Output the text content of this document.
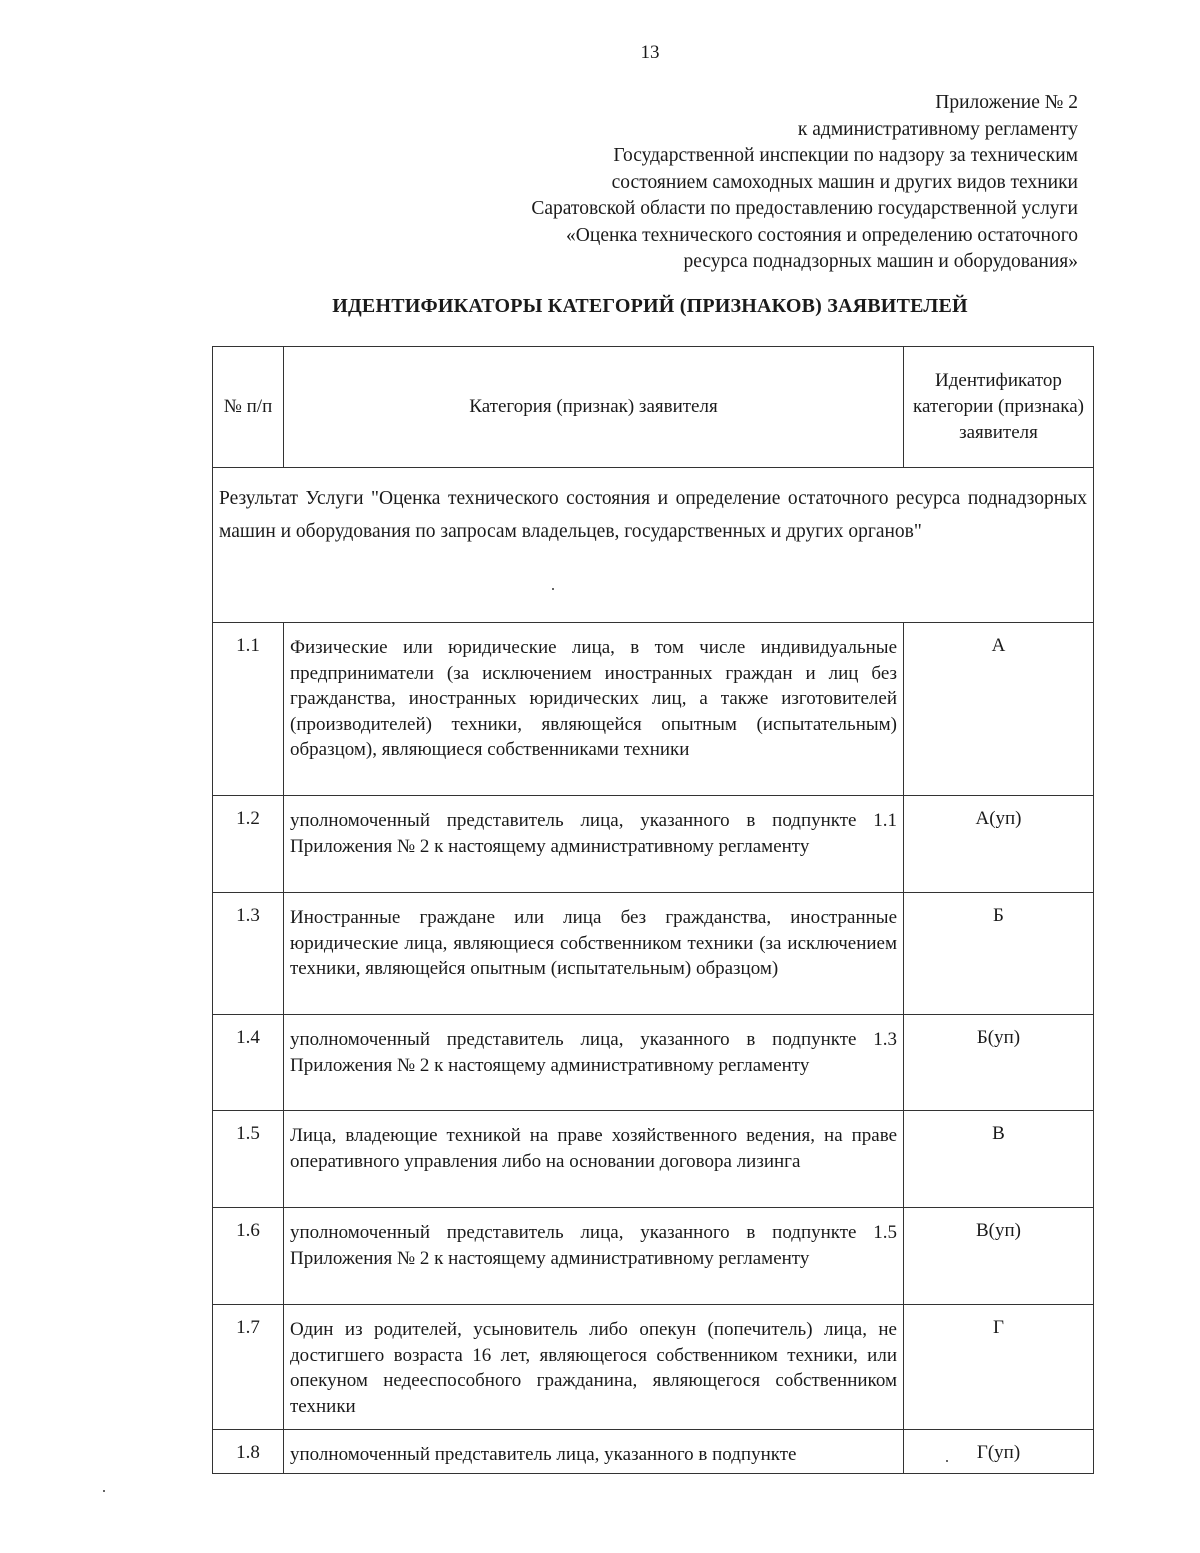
13
Приложение № 2
к административному регламенту
Государственной инспекции по надзору за техническим
состоянием самоходных машин и других видов техники
Саратовской области по предоставлению государственной услуги
«Оценка технического состояния и определению остаточного
ресурса поднадзорных машин и оборудования»
ИДЕНТИФИКАТОРЫ КАТЕГОРИЙ (ПРИЗНАКОВ) ЗАЯВИТЕЛЕЙ
№ п/п	Категория (признак) заявителя	Идентификатор категории (признака) заявителя
Результат Услуги "Оценка технического состояния и определение остаточного ресурса поднадзорных машин и оборудования по запросам владельцев, государственных и других органов"		
1.1	Физические или юридические лица, в том числе индивидуальные предприниматели (за исключением иностранных граждан и лиц без гражданства, иностранных юридических лиц, а также изготовителей (производителей) техники, являющейся опытным (испытательным) образцом), являющиеся собственниками техники	А
1.2	уполномоченный представитель лица, указанного в подпункте 1.1 Приложения № 2 к настоящему административному регламенту	А(уп)
1.3	Иностранные граждане или лица без гражданства, иностранные юридические лица, являющиеся собственником техники (за исключением техники, являющейся опытным (испытательным) образцом)	Б
1.4	уполномоченный представитель лица, указанного в подпункте 1.3 Приложения № 2 к настоящему административному регламенту	Б(уп)
1.5	Лица, владеющие техникой на праве хозяйственного ведения, на праве оперативного управления либо на основании договора лизинга	В
1.6	уполномоченный представитель лица, указанного в подпункте 1.5 Приложения № 2 к настоящему административному регламенту	В(уп)
1.7	Один из родителей, усыновитель либо опекун (попечитель) лица, не достигшего возраста 16 лет, являющегося собственником техники, или опекуном недееспособного гражданина, являющегося собственником техники	Г
1.8	уполномоченный представитель лица, указанного в подпункте	Г(уп)
